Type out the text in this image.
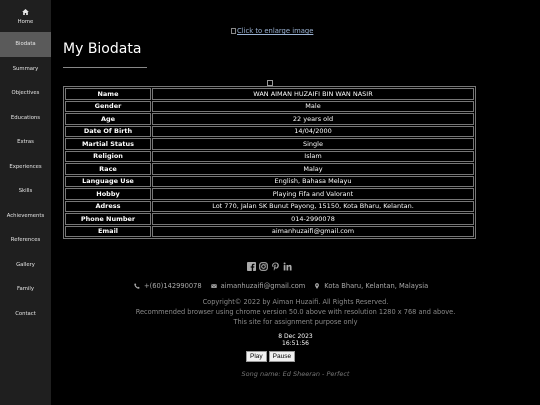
Home
Biodata
Summary
Objectives
Educations
Extras
Experiences
Skills
Achievements
References
Gallery
Family
Contact
Click to enlarge image
My Biodata
Name	WAN AIMAN HUZAIFI BIN WAN NASIR
Gender	Male
Age	22 years old
Date Of Birth	14/04/2000
Martial Status	Single
Religion	Islam
Race	Malay
Language Use	English, Bahasa Melayu
Hobby	Playing Fifa and Valorant
Adress	Lot 770, Jalan SK Bunut Payong, 15150, Kota Bharu, Kelantan.
Phone Number	014-2990078
Email	aimanhuzaifi@gmail.com
+(60)142990078	aimanhuzaifi@gmail.com	Kota Bharu, Kelantan, Malaysia
Copyright© 2022 by Aiman Huzaifi. All Rights Reserved.
Recommended browser using chrome version 50.0 above with resolution 1280 x 768 and above.
This site for assignment purpose only
8 Dec 2023
16:51:56
Play	Pause
Song name: Ed Sheeran - Perfect
